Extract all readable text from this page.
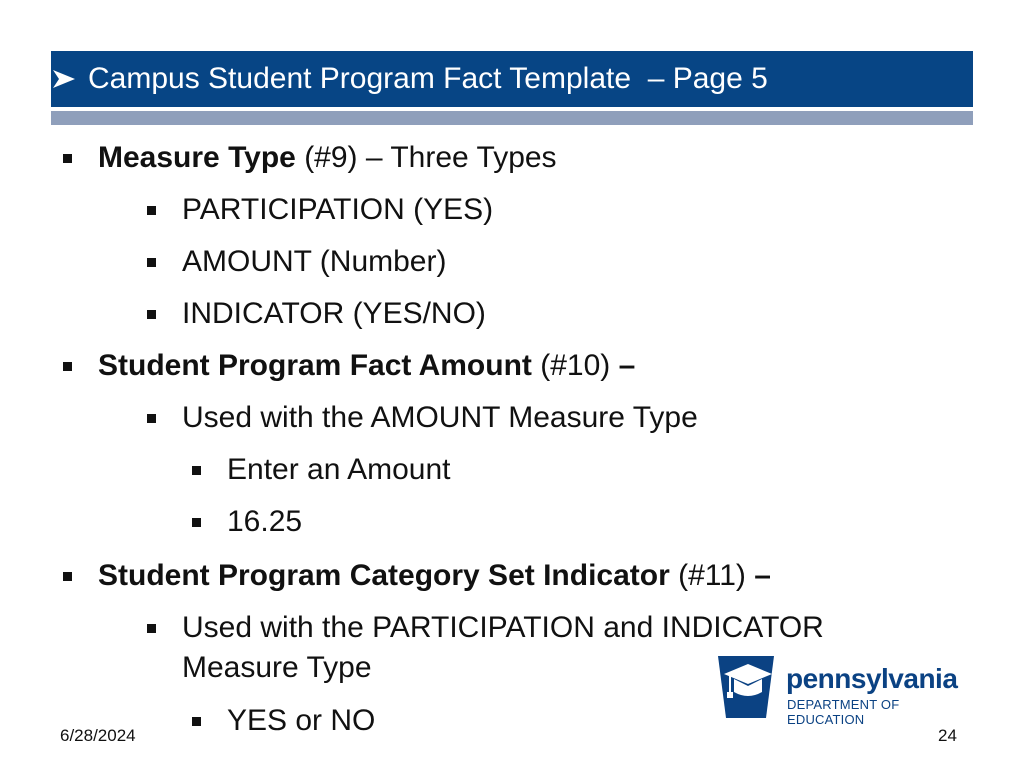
Campus Student Program Fact Template  – Page 5
Measure Type (#9) – Three Types
PARTICIPATION (YES)
AMOUNT (Number)
INDICATOR (YES/NO)
Student Program Fact Amount (#10) –
Used with the AMOUNT Measure Type
Enter an Amount
16.25
Student Program Category Set Indicator (#11) –
Used with the PARTICIPATION and INDICATOR
Measure Type
YES or NO
pennsylvania
DEPARTMENT OF EDUCATION
6/28/2024	24
